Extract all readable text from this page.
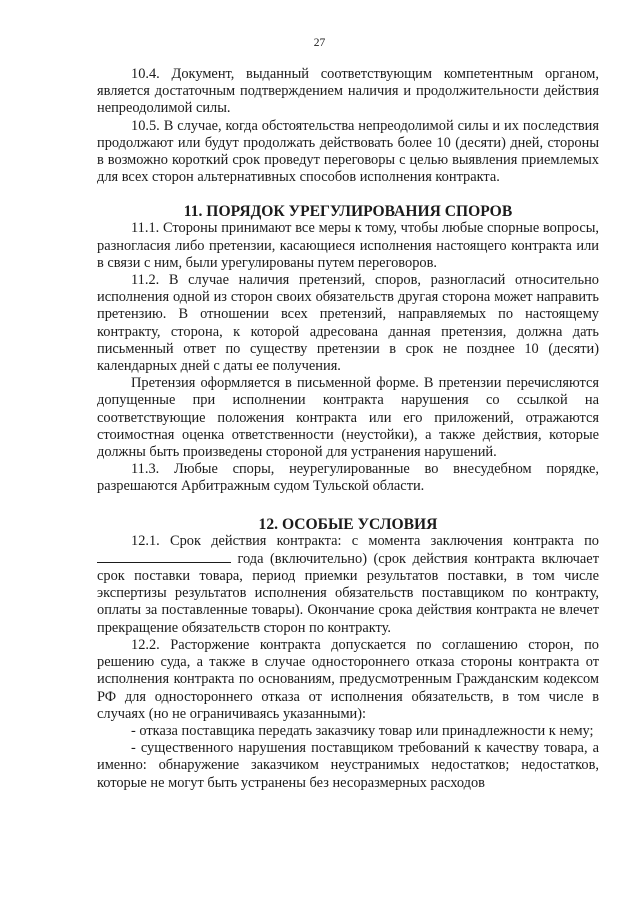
27

10.4. Документ, выданный соответствующим компетентным органом, является достаточным подтверждением наличия и продолжительности действия непреодолимой силы.

10.5. В случае, когда обстоятельства непреодолимой силы и их последствия продолжают или будут продолжать действовать более 10 (десяти) дней, стороны в возможно короткий срок проведут переговоры с целью выявления приемлемых для всех сторон альтернативных способов исполнения контракта.

11. ПОРЯДОК УРЕГУЛИРОВАНИЯ СПОРОВ

11.1. Стороны принимают все меры к тому, чтобы любые спорные вопросы, разногласия либо претензии, касающиеся исполнения настоящего контракта или в связи с ним, были урегулированы путем переговоров.

11.2. В случае наличия претензий, споров, разногласий относительно исполнения одной из сторон своих обязательств другая сторона может направить претензию. В отношении всех претензий, направляемых по настоящему контракту, сторона, к которой адресована данная претензия, должна дать письменный ответ по существу претензии в срок не позднее 10 (десяти) календарных дней с даты ее получения.

Претензия оформляется в письменной форме. В претензии перечисляются допущенные при исполнении контракта нарушения со ссылкой на соответствующие положения контракта или его приложений, отражаются стоимостная оценка ответственности (неустойки), а также действия, которые должны быть произведены стороной для устранения нарушений.

11.3. Любые споры, неурегулированные во внесудебном порядке, разрешаются Арбитражным судом Тульской области.

12. ОСОБЫЕ УСЛОВИЯ

12.1. Срок действия контракта: с момента заключения контракта по  года (включительно) (срок действия контракта включает срок поставки товара, период приемки результатов поставки, в том числе экспертизы результатов исполнения обязательств поставщиком по контракту, оплаты за поставленные товары). Окончание срока действия контракта не влечет прекращение обязательств сторон по контракту.

12.2. Расторжение контракта допускается по соглашению сторон, по решению суда, а также в случае одностороннего отказа стороны контракта от исполнения контракта по основаниям, предусмотренным Гражданским кодексом РФ для одностороннего отказа от исполнения обязательств, в том числе в случаях (но не ограничиваясь указанными):

- отказа поставщика передать заказчику товар или принадлежности к нему;

- существенного нарушения поставщиком требований к качеству товара, а именно: обнаружение заказчиком неустранимых недостатков; недостатков, которые не могут быть устранены без несоразмерных расходов
